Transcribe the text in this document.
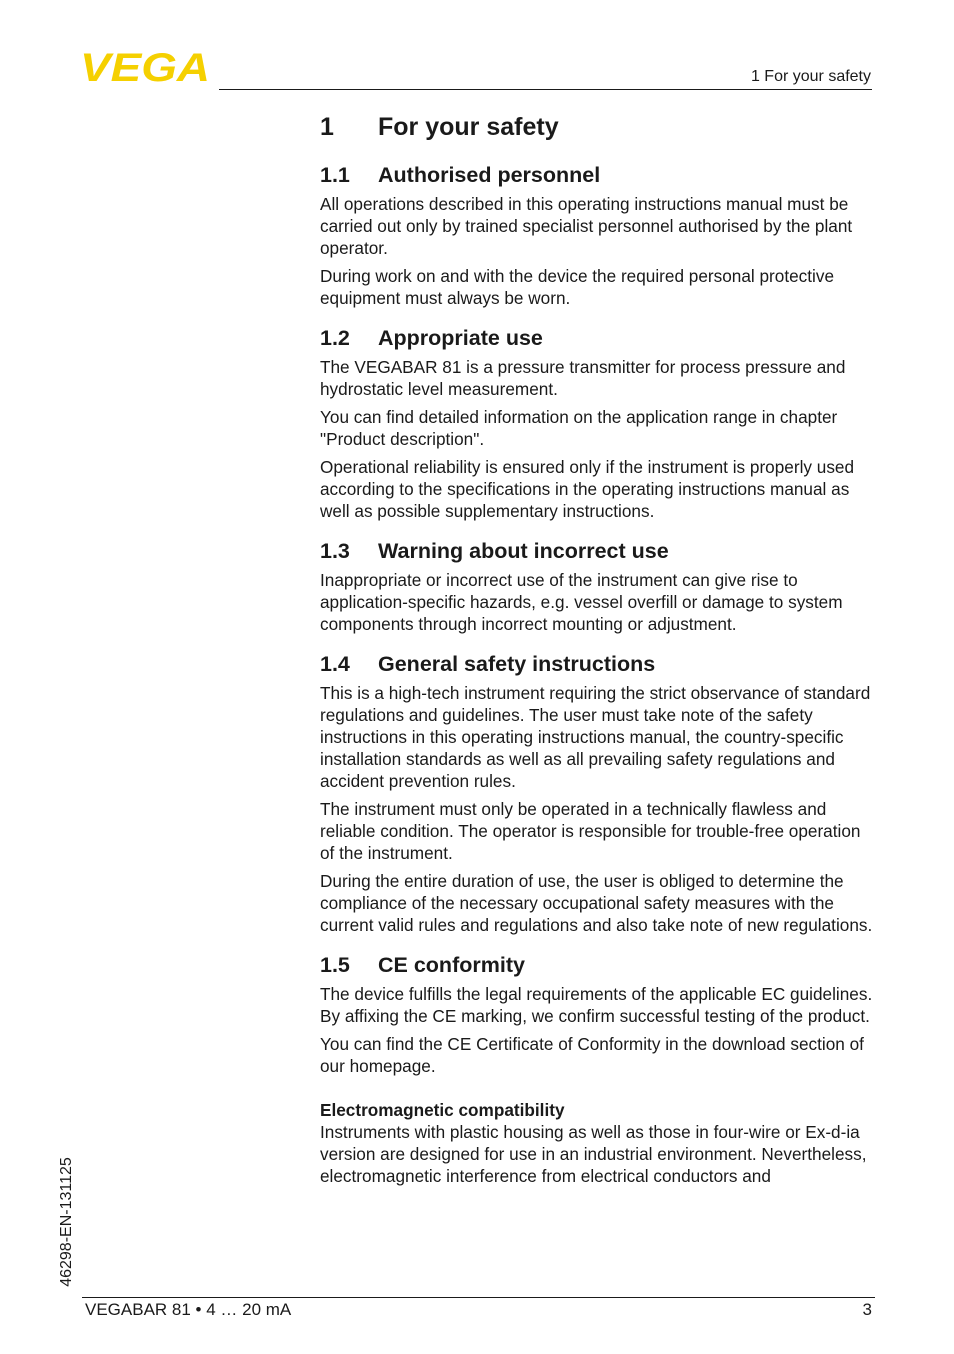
VEGA	1 For your safety
1 For your safety
1.1 Authorised personnel

All operations described in this operating instructions manual must be carried out only by trained specialist personnel authorised by the plant operator.

During work on and with the device the required personal protective equipment must always be worn.

1.2 Appropriate use

The VEGABAR 81 is a pressure transmitter for process pressure and hydrostatic level measurement.

You can find detailed information on the application range in chapter "Product description".

Operational reliability is ensured only if the instrument is properly used according to the specifications in the operating instructions manual as well as possible supplementary instructions.

1.3 Warning about incorrect use

Inappropriate or incorrect use of the instrument can give rise to application-specific hazards, e.g. vessel overfill or damage to system components through incorrect mounting or adjustment.

1.4 General safety instructions

This is a high-tech instrument requiring the strict observance of standard regulations and guidelines. The user must take note of the safety instructions in this operating instructions manual, the country-specific installation standards as well as all prevailing safety regulations and accident prevention rules.

The instrument must only be operated in a technically flawless and reliable condition. The operator is responsible for trouble-free operation of the instrument.

During the entire duration of use, the user is obliged to determine the compliance of the necessary occupational safety measures with the current valid rules and regulations and also take note of new regulations.

1.5 CE conformity

The device fulfills the legal requirements of the applicable EC guidelines. By affixing the CE marking, we confirm successful testing of the product.

You can find the CE Certificate of Conformity in the download section of our homepage.

Electromagnetic compatibility

Instruments with plastic housing as well as those in four-wire or Ex-d-ia version are designed for use in an industrial environment. Nevertheless, electromagnetic interference from electrical conductors and

46298-EN-131125
VEGABAR 81 • 4 … 20 mA	3
